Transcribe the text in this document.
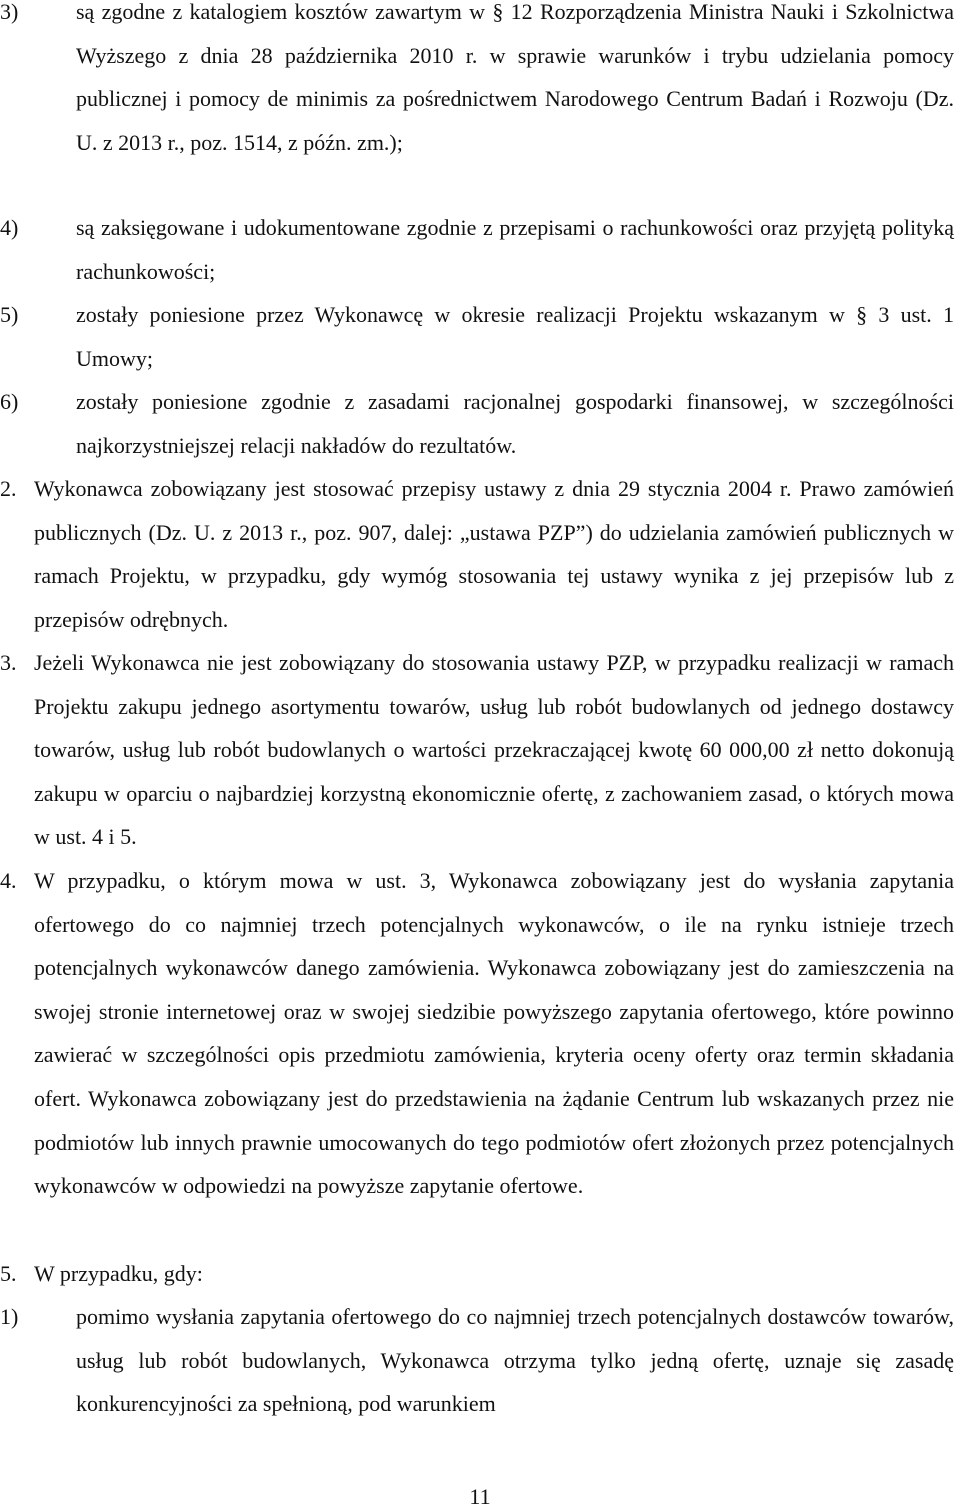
3)	są zgodne z katalogiem kosztów zawartym w § 12 Rozporządzenia Ministra Nauki i Szkolnictwa Wyższego z dnia 28 października 2010 r. w sprawie warunków i trybu udzielania pomocy publicznej i pomocy de minimis za pośrednictwem Narodowego Centrum Badań i Rozwoju (Dz. U. z 2013 r., poz. 1514, z późn. zm.);
4)	są zaksięgowane i udokumentowane zgodnie z przepisami o rachunkowości oraz przyjętą polityką rachunkowości;
5)	zostały poniesione przez Wykonawcę w okresie realizacji Projektu wskazanym w § 3 ust. 1 Umowy;
6)	zostały poniesione zgodnie z zasadami racjonalnej gospodarki finansowej, w szczególności najkorzystniejszej relacji nakładów do rezultatów.
2. Wykonawca zobowiązany jest stosować przepisy ustawy z dnia 29 stycznia 2004 r. Prawo zamówień publicznych (Dz. U. z 2013 r., poz. 907, dalej: „ustawa PZP”) do udzielania zamówień publicznych w ramach Projektu, w przypadku, gdy wymóg stosowania tej ustawy wynika z jej przepisów lub z przepisów odrębnych.
3. Jeżeli Wykonawca nie jest zobowiązany do stosowania ustawy PZP, w przypadku realizacji w ramach Projektu zakupu jednego asortymentu towarów, usług lub robót budowlanych od jednego dostawcy towarów, usług lub robót budowlanych o wartości przekraczającej kwotę 60 000,00 zł netto dokonują zakupu w oparciu o najbardziej korzystną ekonomicznie ofertę, z zachowaniem zasad, o których mowa w ust. 4 i 5.
4. W przypadku, o którym mowa w ust. 3, Wykonawca zobowiązany jest do wysłania zapytania ofertowego do co najmniej trzech potencjalnych wykonawców, o ile na rynku istnieje trzech potencjalnych wykonawców danego zamówienia. Wykonawca zobowiązany jest do zamieszczenia na swojej stronie internetowej oraz w swojej siedzibie powyższego zapytania ofertowego, które powinno zawierać w szczególności opis przedmiotu zamówienia, kryteria oceny oferty oraz termin składania ofert. Wykonawca zobowiązany jest do przedstawienia na żądanie Centrum lub wskazanych przez nie podmiotów lub innych prawnie umocowanych do tego podmiotów ofert złożonych przez potencjalnych wykonawców w odpowiedzi na powyższe zapytanie ofertowe.
5. W przypadku, gdy:
1)	pomimo wysłania zapytania ofertowego do co najmniej trzech potencjalnych dostawców towarów, usług lub robót budowlanych, Wykonawca otrzyma tylko jedną ofertę, uznaje się zasadę konkurencyjności za spełnioną, pod warunkiem
11
